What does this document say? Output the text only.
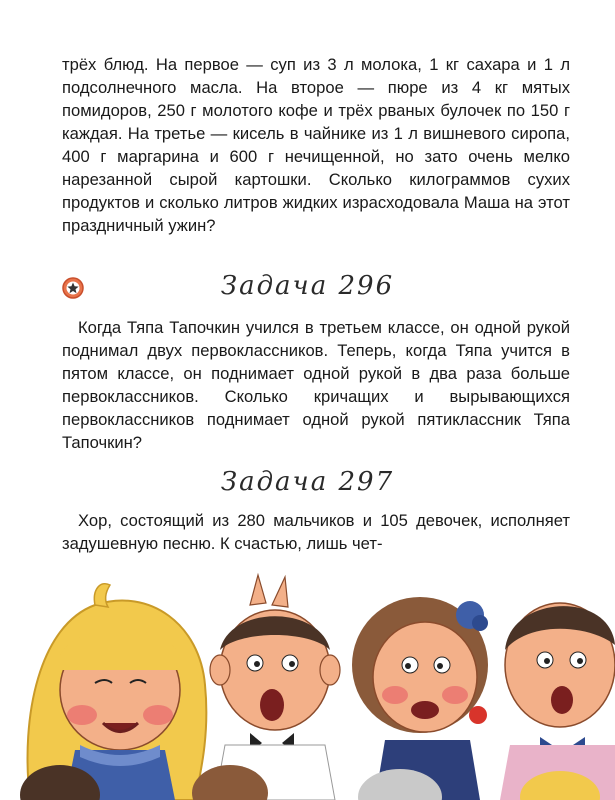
трёх блюд. На первое — суп из 3 л молока, 1 кг сахара и 1 л подсолнечного масла. На второе — пюре из 4 кг мятых помидоров, 250 г молотого кофе и трёх рваных булочек по 150 г каждая. На третье — кисель в чайнике из 1 л вишневого сиропа, 400 г маргарина и 600 г нечищенной, но зато очень мелко нарезанной сырой картошки. Сколько килограммов сухих продуктов и сколько литров жидких израсходовала Маша на этот праздничный ужин?

Задача 296

Когда Тяпа Тапочкин учился в третьем классе, он одной рукой поднимал двух первоклассников. Теперь, когда Тяпа учится в пятом классе, он поднимает одной рукой в два раза больше первоклассников. Сколько кричащих и вырывающихся первоклассников поднимает одной рукой пятиклассник Тяпа Тапочкин?

Задача 297

Хор, состоящий из 280 мальчиков и 105 девочек, исполняет задушевную песню. К счастью, лишь чет-
